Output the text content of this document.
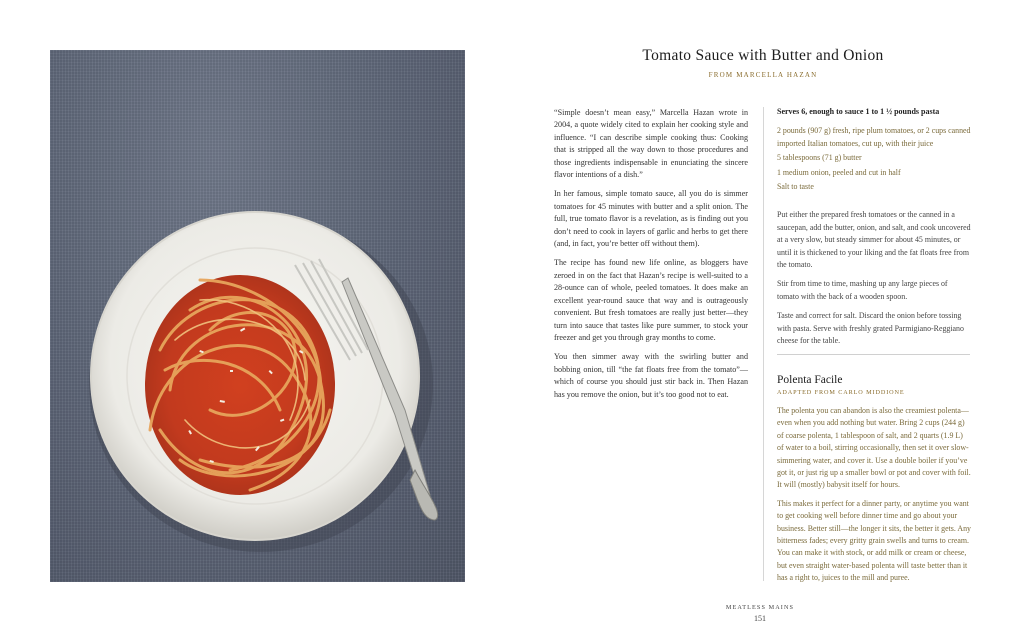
Tomato Sauce with Butter and Onion
FROM MARCELLA HAZAN

“Simple doesn’t mean easy,” Marcella Hazan wrote in 2004, a quote widely cited to explain her cooking style and influence. “I can describe simple cooking thus: Cooking that is stripped all the way down to those procedures and those ingredients indispensable in enunciating the sincere flavor intentions of a dish.”

In her famous, simple tomato sauce, all you do is simmer tomatoes for 45 minutes with butter and a split onion. The full, true tomato flavor is a revelation, as is finding out you don’t need to cook in layers of garlic and herbs to get there (and, in fact, you’re better off without them).

The recipe has found new life online, as bloggers have zeroed in on the fact that Hazan’s recipe is well-suited to a 28-ounce can of whole, peeled tomatoes. It does make an excellent year-round sauce that way and is outrageously convenient. But fresh tomatoes are really just better—they turn into sauce that tastes like pure summer, to stock your freezer and get you through gray months to come.

You then simmer away with the swirling butter and bobbing onion, till “the fat floats free from the tomato”—which of course you should just stir back in. Then Hazan has you remove the onion, but it’s too good not to eat.

Serves 6, enough to sauce 1 to 1 ½ pounds pasta

2 pounds (907 g) fresh, ripe plum tomatoes, or 2 cups canned imported Italian tomatoes, cut up, with their juice

5 tablespoons (71 g) butter

1 medium onion, peeled and cut in half

Salt to taste

Put either the prepared fresh tomatoes or the canned in a saucepan, add the butter, onion, and salt, and cook uncovered at a very slow, but steady simmer for about 45 minutes, or until it is thickened to your liking and the fat floats free from the tomato.

Stir from time to time, mashing up any large pieces of tomato with the back of a wooden spoon.

Taste and correct for salt. Discard the onion before tossing with pasta. Serve with freshly grated Parmigiano-Reggiano cheese for the table.

Polenta Facile
ADAPTED FROM CARLO MIDDIONE

The polenta you can abandon is also the creamiest polenta—even when you add nothing but water. Bring 2 cups (244 g) of coarse polenta, 1 tablespoon of salt, and 2 quarts (1.9 L) of water to a boil, stirring occasionally, then set it over slow-simmering water, and cover it. Use a double boiler if you’ve got it, or just rig up a smaller bowl or pot and cover with foil. It will (mostly) babysit itself for hours.

This makes it perfect for a dinner party, or anytime you want to get cooking well before dinner time and go about your business. Better still—the longer it sits, the better it gets. Any bitterness fades; every gritty grain swells and turns to cream. You can make it with stock, or add milk or cream or cheese, but even straight water-based polenta will taste better than it has a right to, juices to the mill and puree.

MEATLESS MAINS
151
